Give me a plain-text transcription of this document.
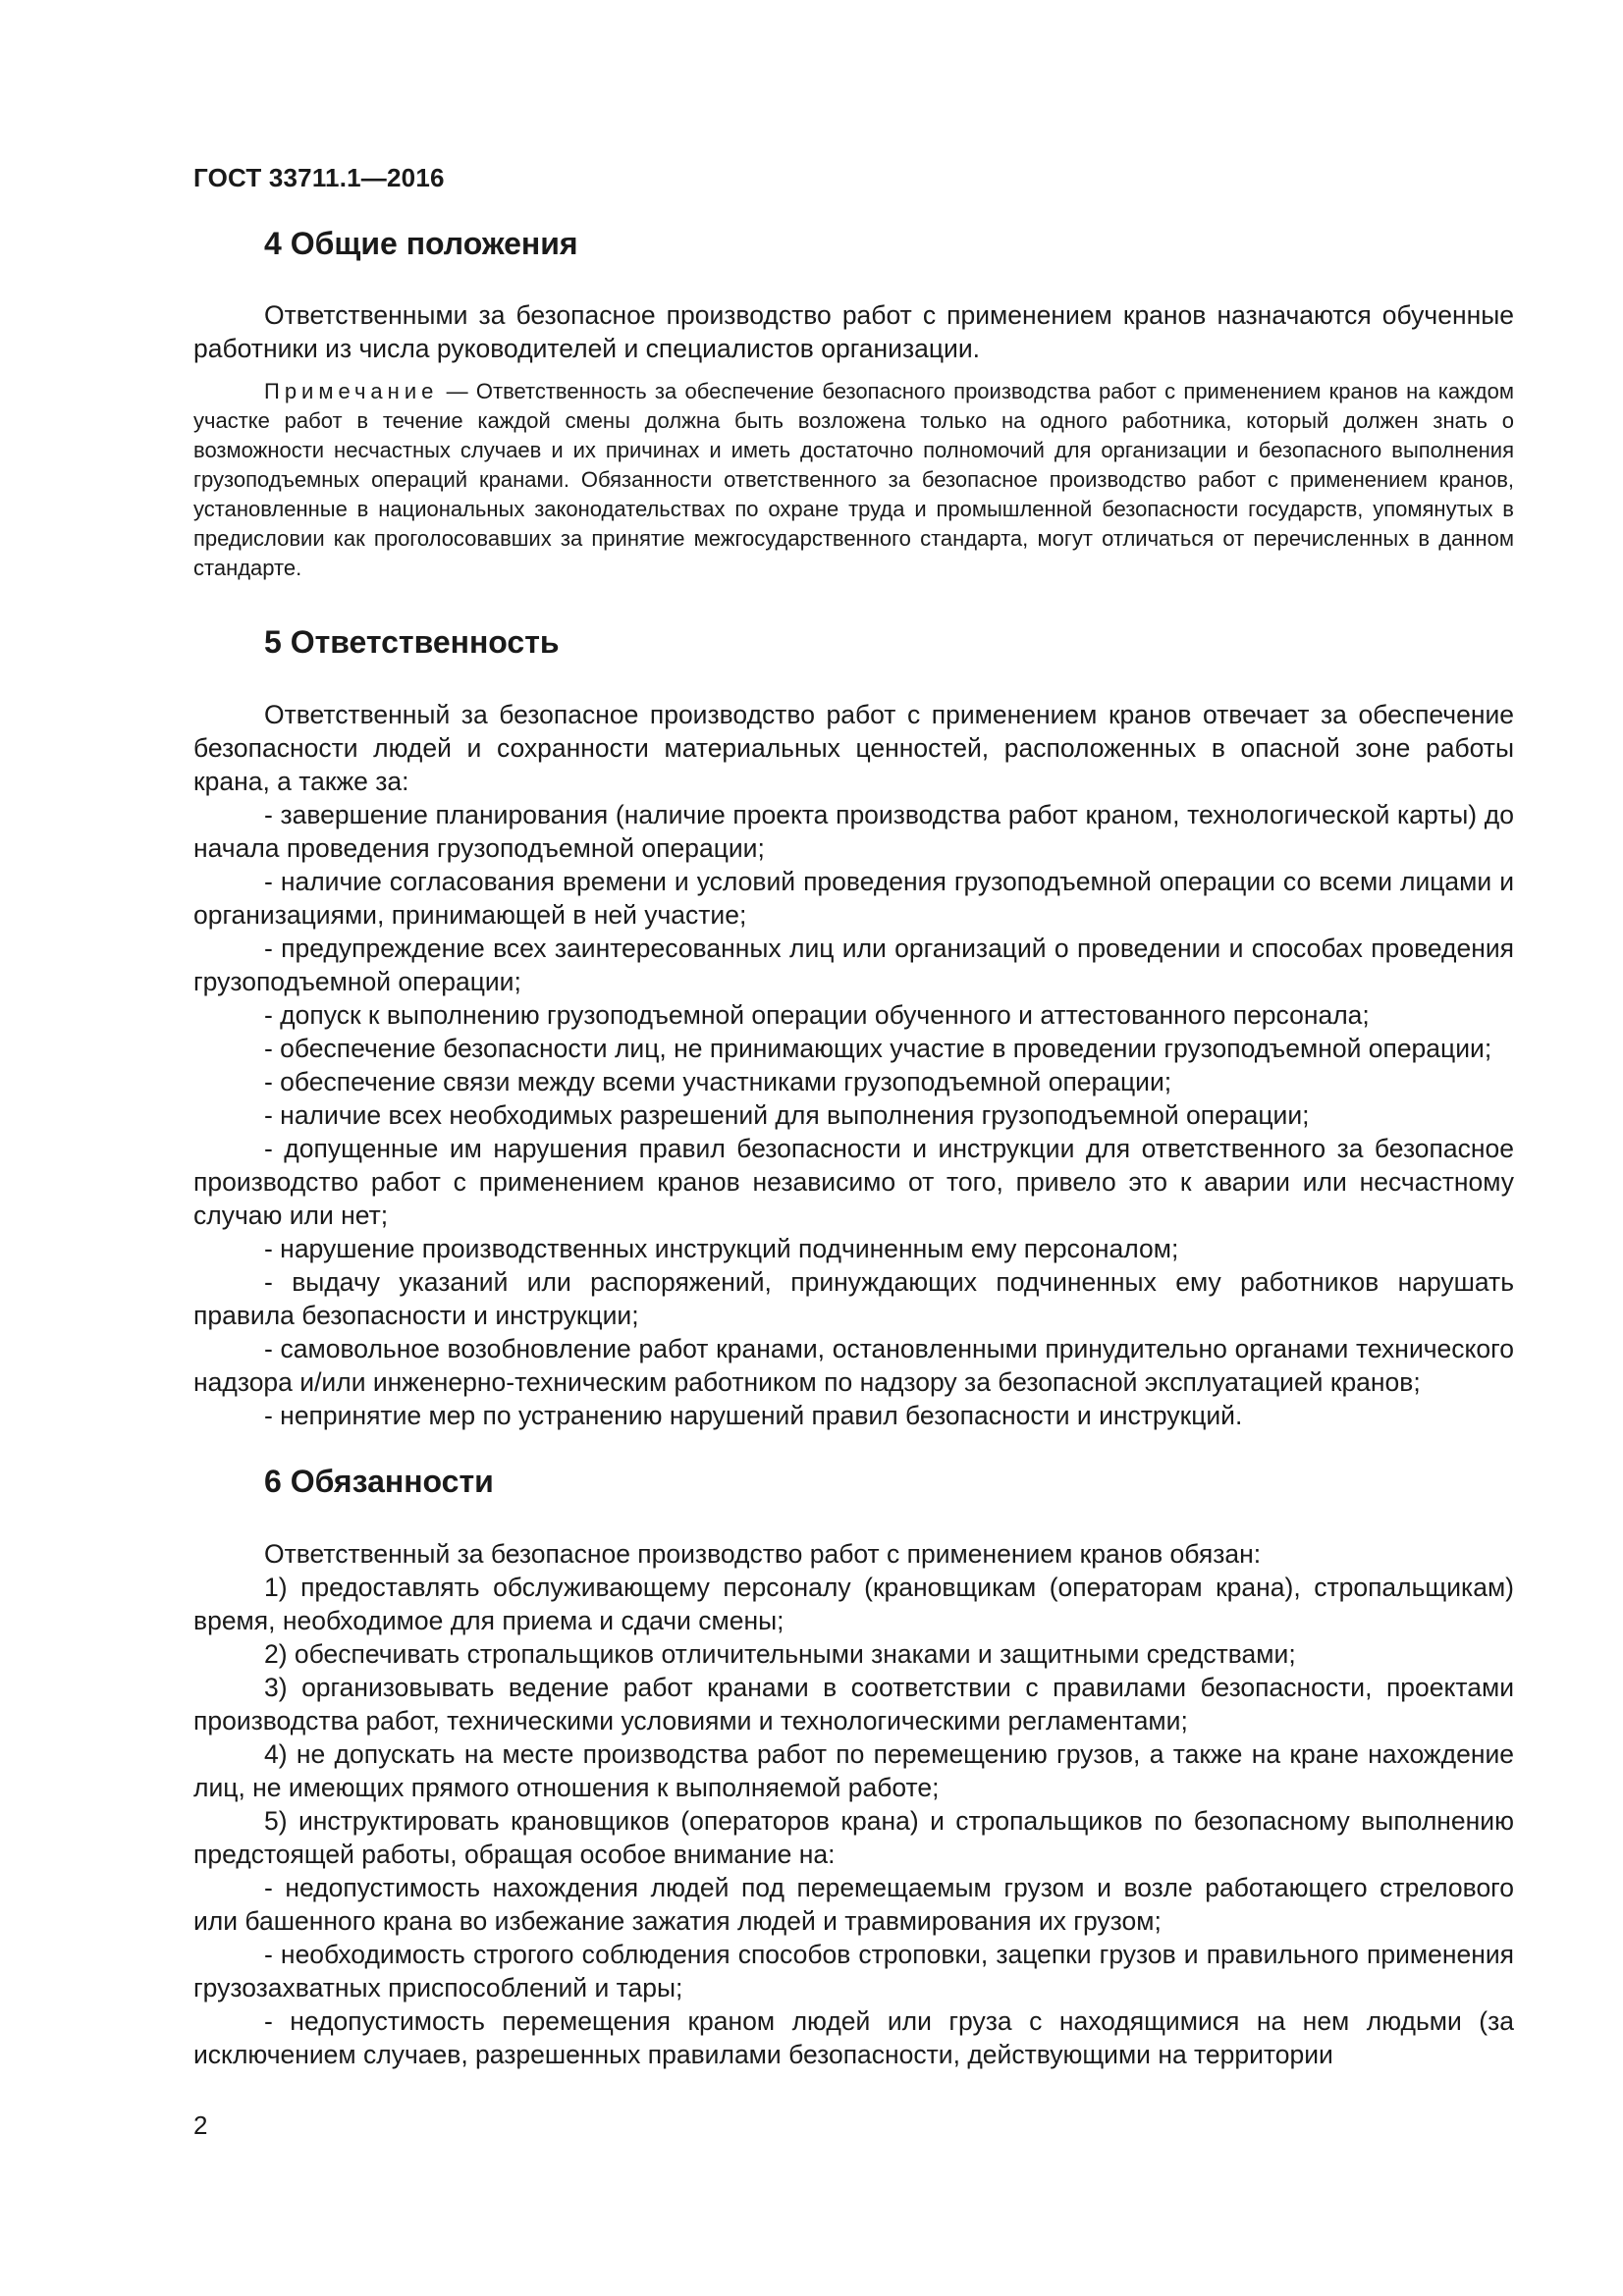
ГОСТ 33711.1—2016
4 Общие положения

Ответственными за безопасное производство работ с применением кранов назначаются обученные работники из числа руководителей и специалистов организации.

Примечание — Ответственность за обеспечение безопасного производства работ с применением кранов на каждом участке работ в течение каждой смены должна быть возложена только на одного работника, который должен знать о возможности несчастных случаев и их причинах и иметь достаточно полномочий для организации и безопасного выполнения грузоподъемных операций кранами. Обязанности ответственного за безопасное производство работ с применением кранов, установленные в национальных законодательствах по охране труда и промышленной безопасности государств, упомянутых в предисловии как проголосовавших за принятие межгосударственного стандарта, могут отличаться от перечисленных в данном стандарте.

5 Ответственность

Ответственный за безопасное производство работ с применением кранов отвечает за обеспечение безопасности людей и сохранности материальных ценностей, расположенных в опасной зоне работы крана, а также за:

- завершение планирования (наличие проекта производства работ краном, технологической карты) до начала проведения грузоподъемной операции;

- наличие согласования времени и условий проведения грузоподъемной операции со всеми лицами и организациями, принимающей в ней участие;

- предупреждение всех заинтересованных лиц или организаций о проведении и способах проведения грузоподъемной операции;

- допуск к выполнению грузоподъемной операции обученного и аттестованного персонала;

- обеспечение безопасности лиц, не принимающих участие в проведении грузоподъемной операции;

- обеспечение связи между всеми участниками грузоподъемной операции;

- наличие всех необходимых разрешений для выполнения грузоподъемной операции;

- допущенные им нарушения правил безопасности и инструкции для ответственного за безопасное производство работ с применением кранов независимо от того, привело это к аварии или несчастному случаю или нет;

- нарушение производственных инструкций подчиненным ему персоналом;

- выдачу указаний или распоряжений, принуждающих подчиненных ему работников нарушать правила безопасности и инструкции;

- самовольное возобновление работ кранами, остановленными принудительно органами технического надзора и/или инженерно-техническим работником по надзору за безопасной эксплуатацией кранов;

- непринятие мер по устранению нарушений правил безопасности и инструкций.

6 Обязанности

Ответственный за безопасное производство работ с применением кранов обязан:

1) предоставлять обслуживающему персоналу (крановщикам (операторам крана), стропальщикам) время, необходимое для приема и сдачи смены;

2) обеспечивать стропальщиков отличительными знаками и защитными средствами;

3) организовывать ведение работ кранами в соответствии с правилами безопасности, проектами производства работ, техническими условиями и технологическими регламентами;

4) не допускать на месте производства работ по перемещению грузов, а также на кране нахождение лиц, не имеющих прямого отношения к выполняемой работе;

5) инструктировать крановщиков (операторов крана) и стропальщиков по безопасному выполнению предстоящей работы, обращая особое внимание на:

- недопустимость нахождения людей под перемещаемым грузом и возле работающего стрелового или башенного крана во избежание зажатия людей и травмирования их грузом;

- необходимость строгого соблюдения способов строповки, зацепки грузов и правильного применения грузозахватных приспособлений и тары;

- недопустимость перемещения краном людей или груза с находящимися на нем людьми (за исключением случаев, разрешенных правилами безопасности, действующими на территории

2
